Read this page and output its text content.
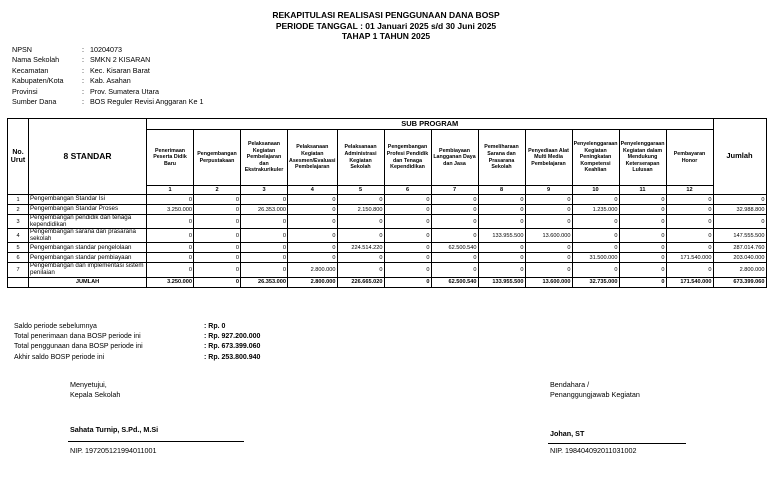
REKAPITULASI REALISASI PENGGUNAAN DANA BOSP
PERIODE TANGGAL : 01 Januari 2025 s/d 30 Juni 2025
TAHAP 1 TAHUN 2025
NPSN	: 10204073
Nama Sekolah	: SMKN 2 KISARAN
Kecamatan	: Kec. Kisaran Barat
Kabupaten/Kota	: Kab. Asahan
Provinsi	: Prov. Sumatera Utara
Sumber Dana	: BOS Reguler Revisi Anggaran Ke 1
No. Urut	8 STANDAR	SUB PROGRAM												Jumlah
		Penerimaan Peserta Didik Baru	Pengembangan Perpustakaan	Pelaksanaan Kegiatan Pembelajaran dan Ekstrakurikuler	Pelaksanaan Kegiatan Asesmen/Evaluasi Pembelajaran	Pelaksanaan Administrasi Kegiatan Sekolah	Pengembangan Profesi Pendidik dan Tenaga Kependidikan	Pembiayaan Langganan Daya dan Jasa	Pemeliharaan Sarana dan Prasarana Sekolah	Penyediaan Alat Multi Media Pembelajaran	Penyelenggaraan Kegiatan Peningkatan Kompetensi Keahlian	Penyelenggaraan Kegiatan dalam Mendukung Keterserapan Lulusan	Pembayaran Honor	
		1	2	3	4	5	6	7	8	9	10	11	12	
1	Pengembangan Standar Isi	0	0	0	0	0	0	0	0	0	0	0	0	0
2	Pengembangan Standar Proses	3.250.000	0	26.353.000	0	2.150.800	0	0	0	0	1.235.000	0	0	32.988.800
3	Pengembangan pendidik dan tenaga kependidikan	0	0	0	0	0	0	0	0	0	0	0	0	0
4	Pengembangan sarana dan prasarana sekolah	0	0	0	0	0	0	0	133.955.500	13.600.000	0	0	0	147.555.500
5	Pengembangan standar pengelolaan	0	0	0	0	224.514.220	0	62.500.540	0	0	0	0	0	287.014.760
6	Pengembangan standar pembiayaan	0	0	0	0	0	0	0	0	0	31.500.000	0	171.540.000	203.040.000
7	Pengembangan dan implementasi sistem penilaian	0	0	0	2.800.000	0	0	0	0	0	0	0	0	2.800.000
	JUMLAH	3.250.000	0	26.353.000	2.800.000	226.665.020	0	62.500.540	133.955.500	13.600.000	32.735.000	0	171.540.000	673.399.060
Saldo periode sebelumnya	: Rp. 0
Total penerimaan dana BOSP periode ini	: Rp. 927.200.000
Total penggunaan dana BOSP periode ini	: Rp. 673.399.060
Akhir saldo BOSP periode ini	: Rp. 253.800.940
Menyetujui,
Kepala Sekolah
Sahata Turnip, S.Pd., M.Si
NIP. 197205121994011001
Bendahara /
Penanggungjawab Kegiatan
Johan, ST
NIP. 198404092011031002
